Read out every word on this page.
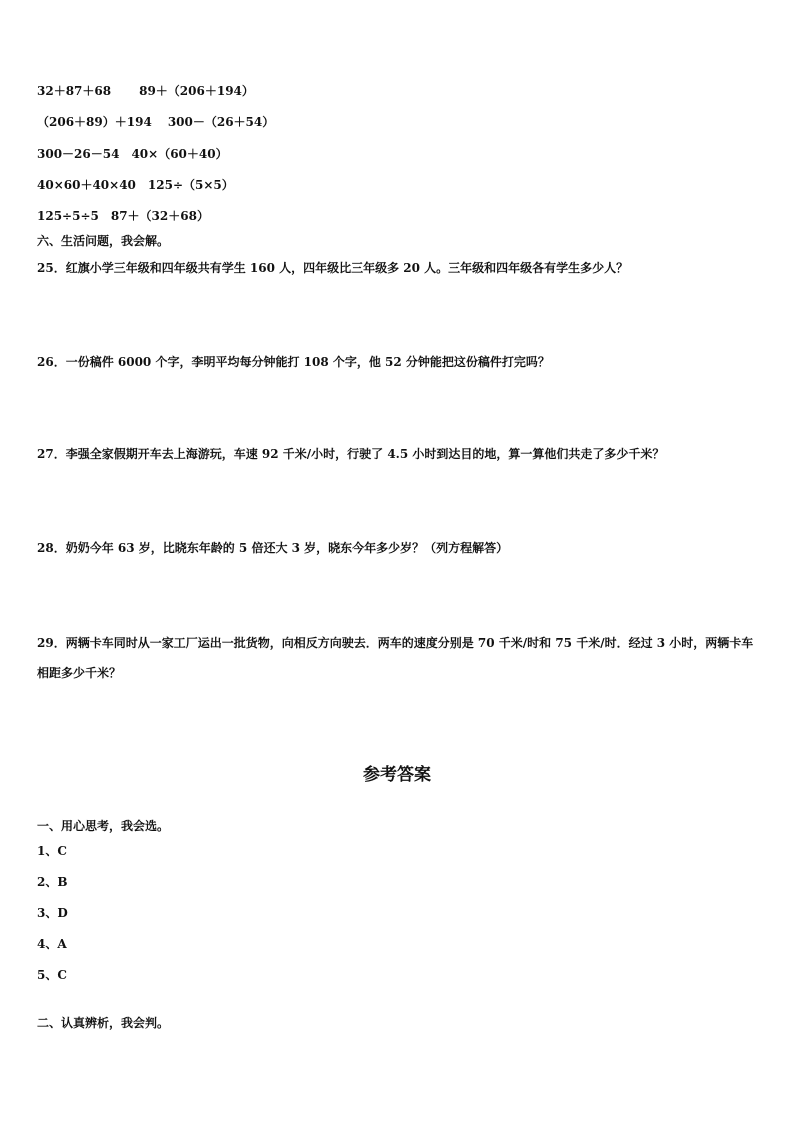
32＋87＋68 89＋（206＋194）
（206＋89）＋194 300－（26＋54）
300－26－54 40×（60＋40）
40×60＋40×40 125÷（5×5）
125÷5÷5 87＋（32＋68）
六、生活问题，我会解。
25．红旗小学三年级和四年级共有学生 160 人，四年级比三年级多 20 人。三年级和四年级各有学生多少人？
26．一份稿件 6000 个字，李明平均每分钟能打 108 个字，他 52 分钟能把这份稿件打完吗？
27．李强全家假期开车去上海游玩，车速 92 千米/小时，行驶了 4.5 小时到达目的地，算一算他们共走了多少千米？
28．奶奶今年 63 岁，比晓东年龄的 5 倍还大 3 岁，晓东今年多少岁？（列方程解答）
29．两辆卡车同时从一家工厂运出一批货物，向相反方向驶去．两车的速度分别是 70 千米/时和 75 千米/时．经过 3 小时，两辆卡车相距多少千米？
参考答案
一、用心思考，我会选。
1、C
2、B
3、D
4、A
5、C
二、认真辨析，我会判。
